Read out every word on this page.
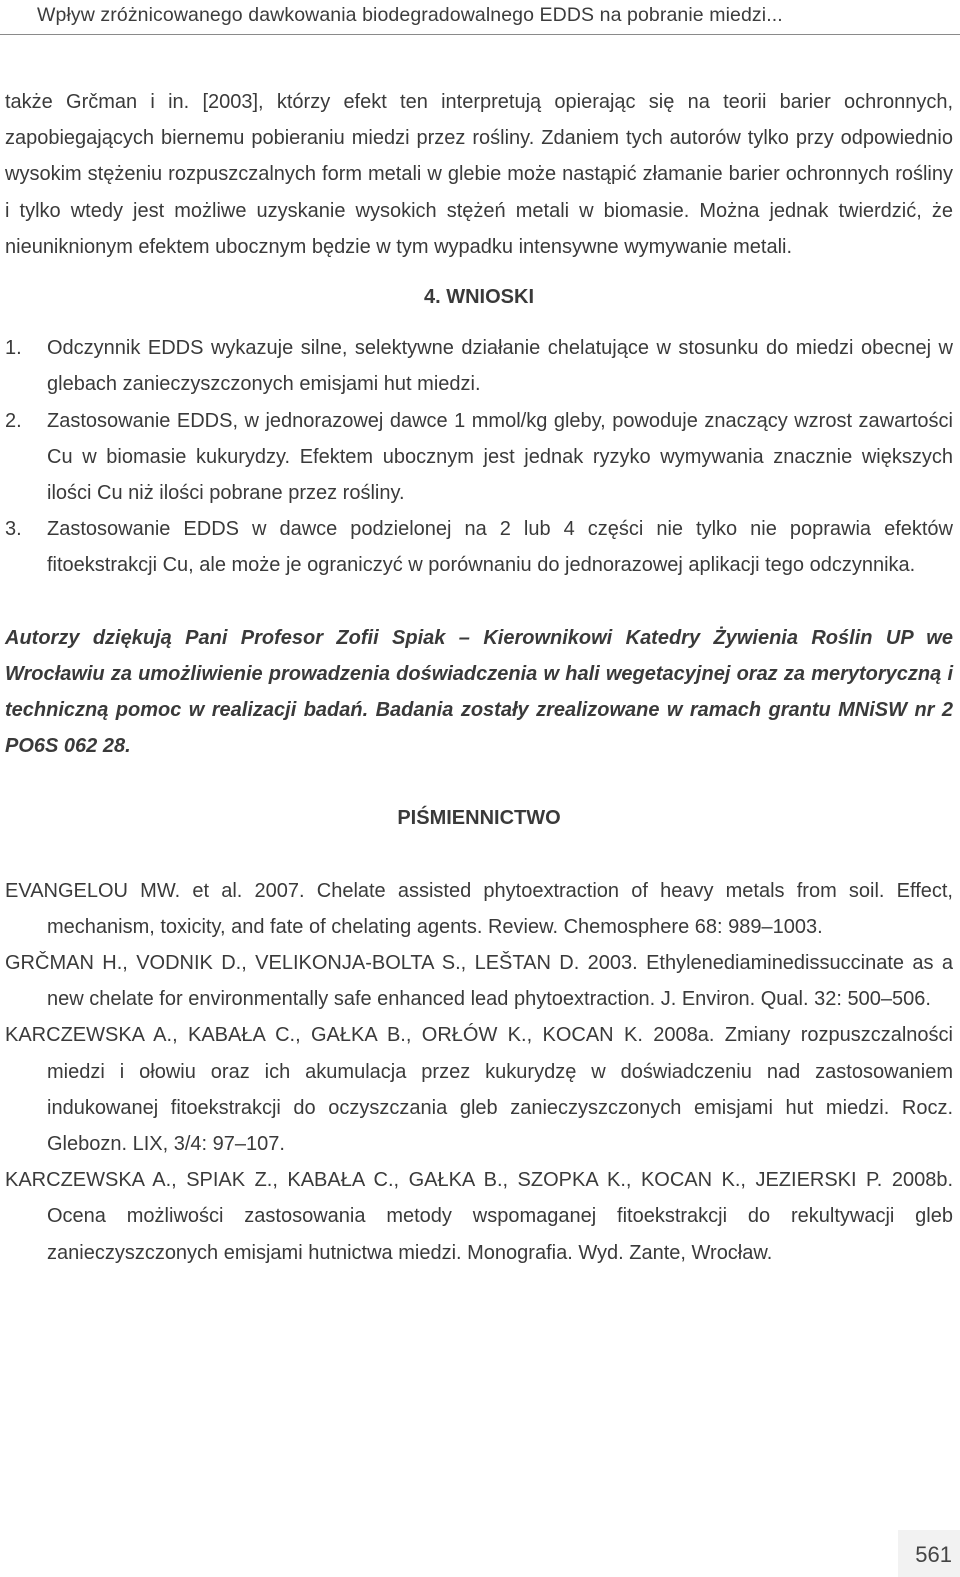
Wpływ zróżnicowanego dawkowania biodegradowalnego EDDS na pobranie miedzi...

także Grčman i in. [2003], którzy efekt ten interpretują opierając się na teorii barier ochronnych, zapobiegających biernemu pobieraniu miedzi przez rośliny. Zdaniem tych autorów tylko przy odpowiednio wysokim stężeniu rozpuszczalnych form metali w glebie może nastąpić złamanie barier ochronnych rośliny i tylko wtedy jest możliwe uzyskanie wysokich stężeń metali w biomasie. Można jednak twierdzić, że nieuniknionym efektem ubocznym będzie w tym wypadku intensywne wymywanie metali.

4. WNIOSKI
1. Odczynnik EDDS wykazuje silne, selektywne działanie chelatujące w stosunku do miedzi obecnej w glebach zanieczyszczonych emisjami hut miedzi.
2. Zastosowanie EDDS, w jednorazowej dawce 1 mmol/kg gleby, powoduje znaczący wzrost zawartości Cu w biomasie kukurydzy. Efektem ubocznym jest jednak ryzyko wymywania znacznie większych ilości Cu niż ilości pobrane przez rośliny.
3. Zastosowanie EDDS w dawce podzielonej na 2 lub 4 części nie tylko nie poprawia efektów fitoekstrakcji Cu, ale może je ograniczyć w porównaniu do jednorazowej aplikacji tego odczynnika.

Autorzy dziękują Pani Profesor Zofii Spiak – Kierownikowi Katedry Żywienia Roślin UP we Wrocławiu za umożliwienie prowadzenia doświadczenia w hali wegetacyjnej oraz za merytoryczną i techniczną pomoc w realizacji badań. Badania zostały zrealizowane w ramach grantu MNiSW nr 2 PO6S 062 28.

PIŚMIENNICTWO
EVANGELOU MW. et al. 2007. Chelate assisted phytoextraction of heavy metals from soil. Effect, mechanism, toxicity, and fate of chelating agents. Review. Chemosphere 68: 989–1003.
GRČMAN H., VODNIK D., VELIKONJA-BOLTA S., LEŠTAN D. 2003. Ethylenediaminedissuccinate as a new chelate for environmentally safe enhanced lead phytoextraction. J. Environ. Qual. 32: 500–506.
KARCZEWSKA A., KABAŁA C., GAŁKA B., ORŁÓW K., KOCAN K. 2008a. Zmiany rozpuszczalności miedzi i ołowiu oraz ich akumulacja przez kukurydzę w doświadczeniu nad zastosowaniem indukowanej fitoekstrakcji do oczyszczania gleb zanieczyszczonych emisjami hut miedzi. Rocz. Glebozn. LIX, 3/4: 97–107.
KARCZEWSKA A., SPIAK Z., KABAŁA C., GAŁKA B., SZOPKA K., KOCAN K., JEZIERSKI P. 2008b. Ocena możliwości zastosowania metody wspomaganej fitoekstrakcji do rekultywacji gleb zanieczyszczonych emisjami hutnictwa miedzi. Monografia. Wyd. Zante, Wrocław.
561
